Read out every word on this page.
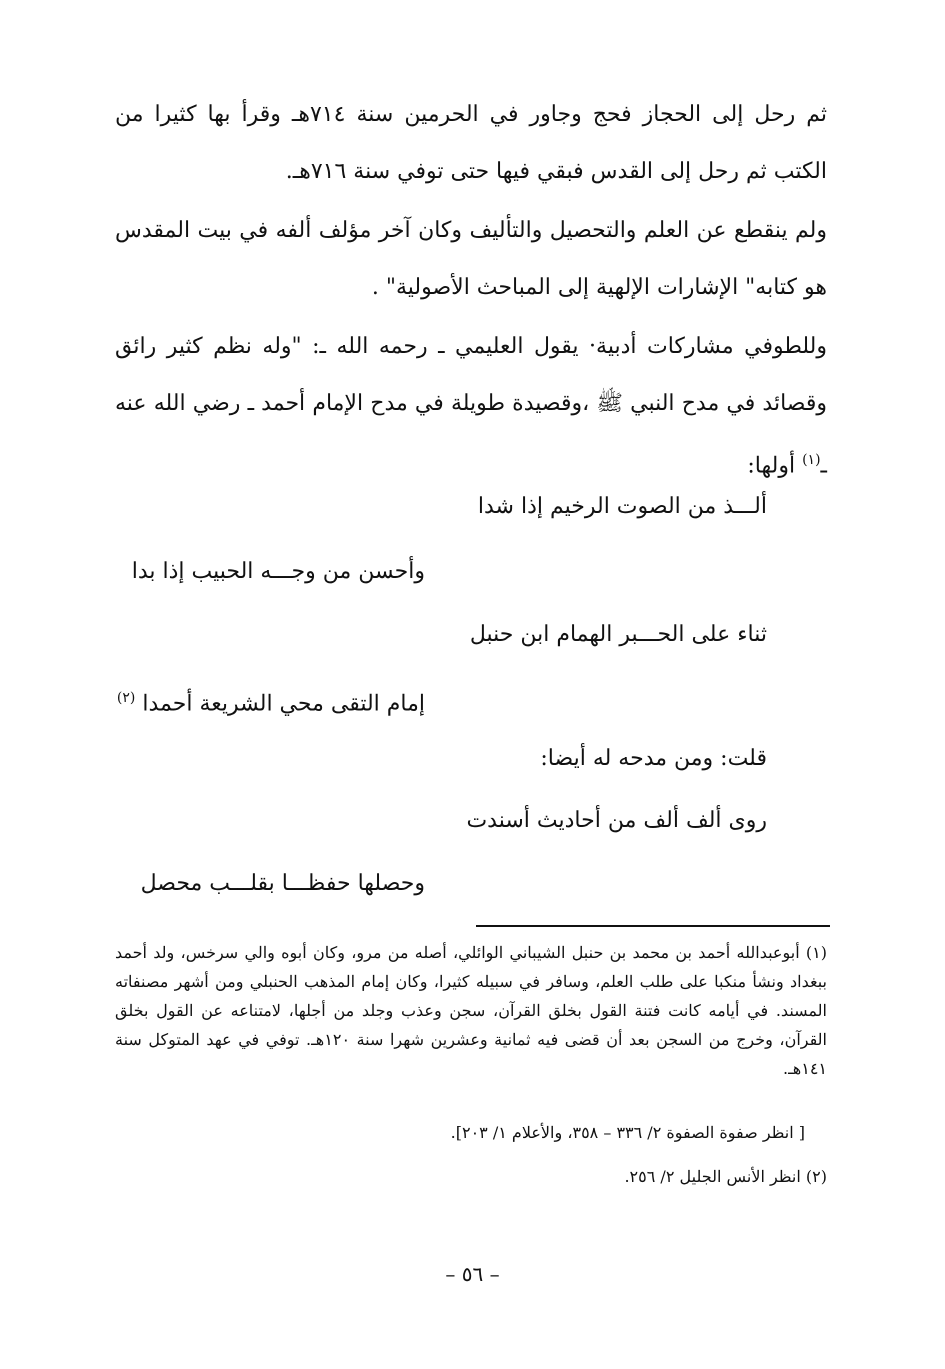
ثم رحل إلى الحجاز فحج وجاور في الحرمين سنة ٧١٤هـ وقرأ بها كثيرا من الكتب ثم رحل إلى القدس فبقي فيها حتى توفي سنة ٧١٦هـ.

ولم ينقطع عن العلم والتحصيل والتأليف وكان آخر مؤلف ألفه في بيت المقدس هو كتابه" الإشارات الإلهية إلى المباحث الأصولية" .

وللطوفي مشاركات أدبية· يقول العليمي ـ رحمه الله ـ: "وله نظم كثير رائق وقصائد في مدح النبي ﷺ ،وقصيدة طويلة في مدح الإمام أحمد ـ رضي الله عنه ـ$^{(١)}$ أولها:

ألـــذ من الصوت الرخيم إذا شدا

وأحسن من وجـــه الحبيب إذا بدا

ثناء على الحـــبر الهمام ابن حنبل

إمام التقى محي الشريعة أحمدا $^{(٢)}$

قلت: ومن مدحه له أيضا:

روى ألف ألف من أحاديث أسندت

وحصلها حفظـــا بقلـــب محصل

(١) أبوعبدالله أحمد بن محمد بن حنبل الشيباني الوائلي، أصله من مرو، وكان أبوه والي سرخس، ولد أحمد ببغداد ونشأ منكبا على طلب العلم، وسافر في سبيله كثيرا، وكان إمام المذهب الحنبلي ومن أشهر مصنفاته المسند. في أيامه كانت فتنة القول بخلق القرآن، سجن وعذب وجلد من أجلها، لامتناعه عن القول بخلق القرآن، وخرج من السجن بعد أن قضى فيه ثمانية وعشرين شهرا سنة ١٢٠هـ. توفي في عهد المتوكل سنة ١٤١هـ.

[ انظر صفوة الصفوة ٢/ ٣٣٦ – ٣٥٨، والأعلام ١/ ٢٠٣].

(٢) انظر الأنس الجليل ٢/ ٢٥٦.

– ٥٦ –
